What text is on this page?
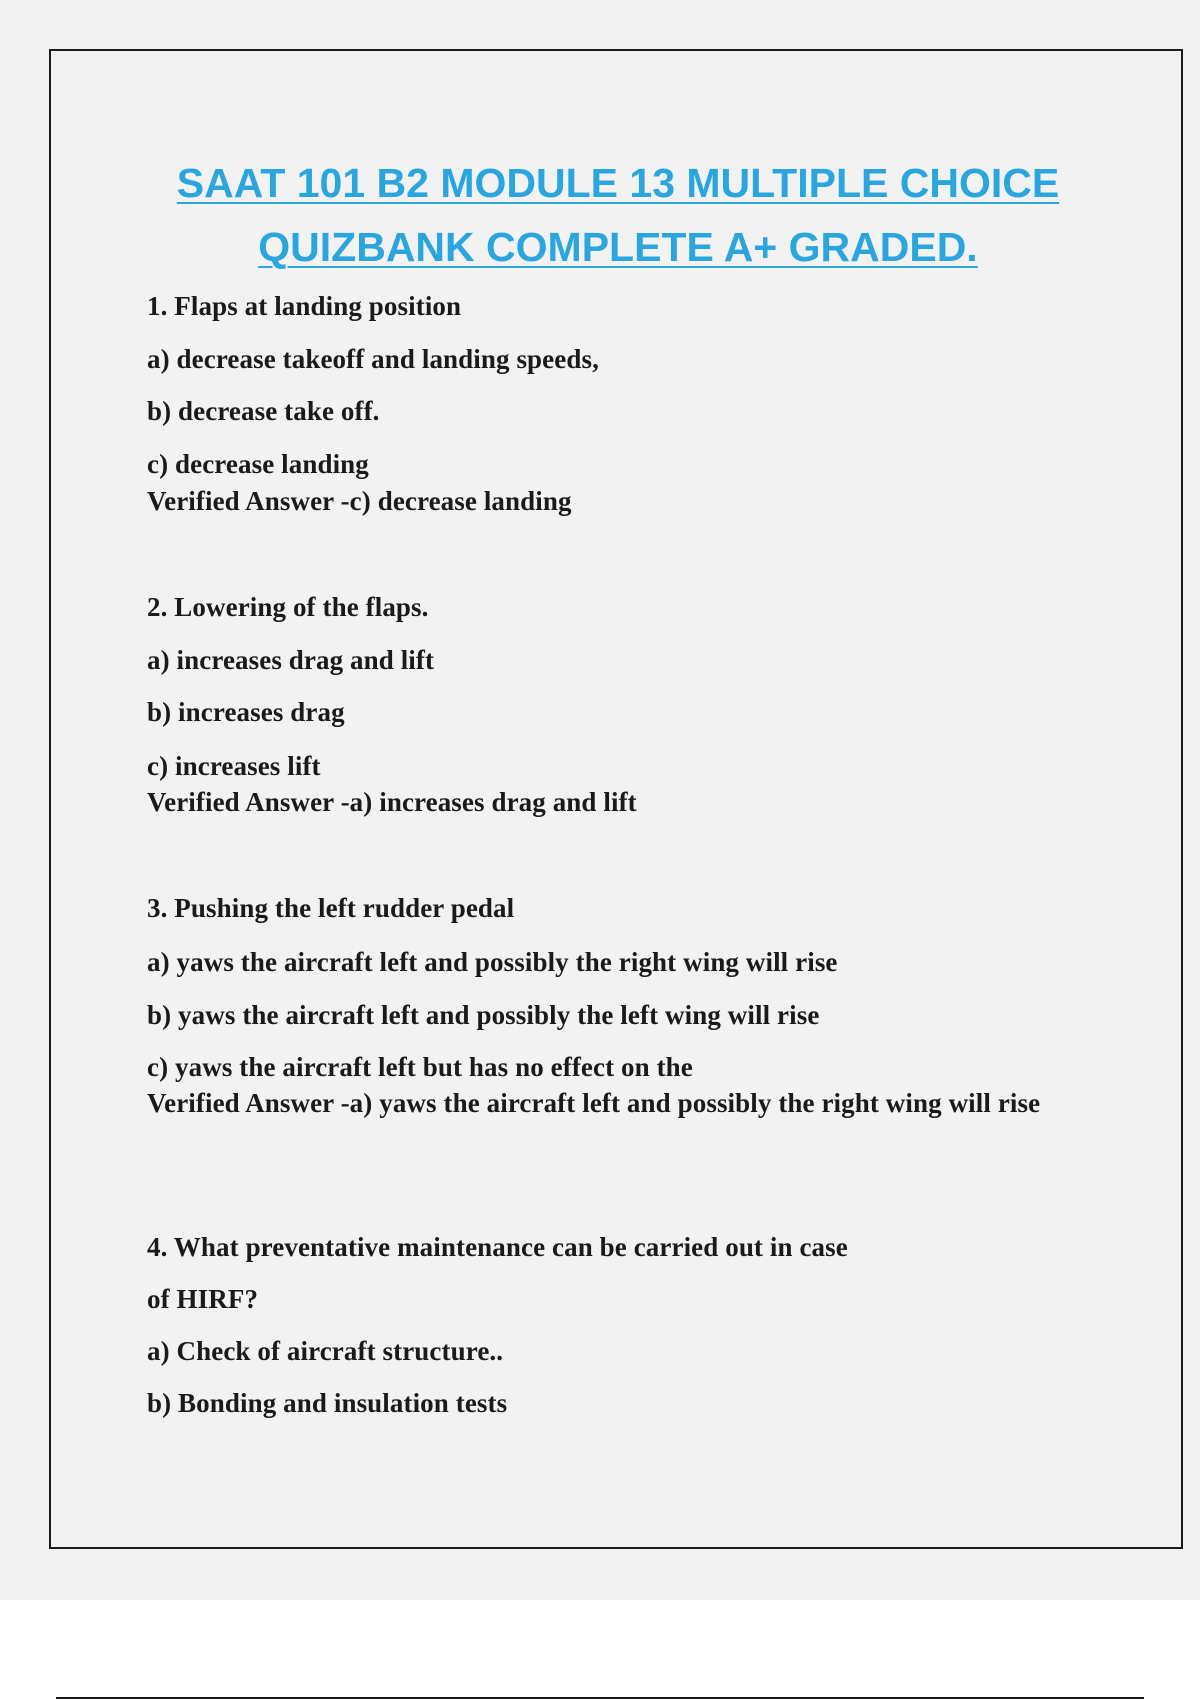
SAAT 101 B2 MODULE 13 MULTIPLE CHOICE
QUIZBANK COMPLETE A+ GRADED.
1. Flaps at landing position
a) decrease takeoff and landing speeds,
b) decrease take off.
c) decrease landing
Verified Answer -c) decrease landing
2. Lowering of the flaps.
a) increases drag and lift
b) increases drag
c) increases lift
Verified Answer -a) increases drag and lift
3. Pushing the left rudder pedal
a) yaws the aircraft left and possibly the right wing will rise
b) yaws the aircraft left and possibly the left wing will rise
c) yaws the aircraft left but has no effect on the
Verified Answer -a) yaws the aircraft left and possibly the right wing will rise
4. What preventative maintenance can be carried out in case
of HIRF?
a) Check of aircraft structure..
b) Bonding and insulation tests
